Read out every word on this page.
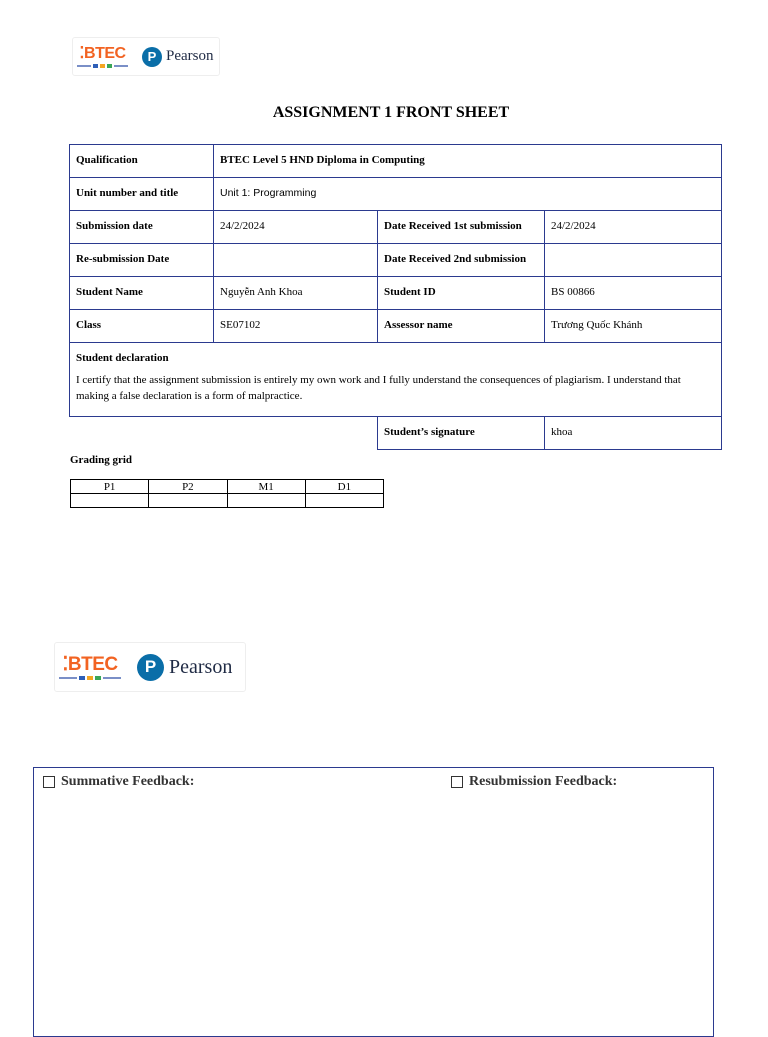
⁚BTEC P Pearson
ASSIGNMENT 1 FRONT SHEET
Qualification	BTEC Level 5 HND Diploma in Computing		

Unit number and title	Unit 1: Programming		

Submission date	24/2/2024	Date Received 1st submission	24/2/2024

Re-submission Date		Date Received 2nd submission	

Student Name	Nguyễn Anh Khoa	Student ID	BS 00866

Class	SE07102	Assessor name	Trương Quốc Khánh

Student declaration
I certify that the assignment submission is entirely my own work and I fully understand the consequences of plagiarism. I understand that making a false declaration is a form of malpractice.			

		Student’s signature	khoa
Grading grid
P1	P2	M1	D1

⁚BTEC P Pearson
Summative Feedback:	Resubmission Feedback:
